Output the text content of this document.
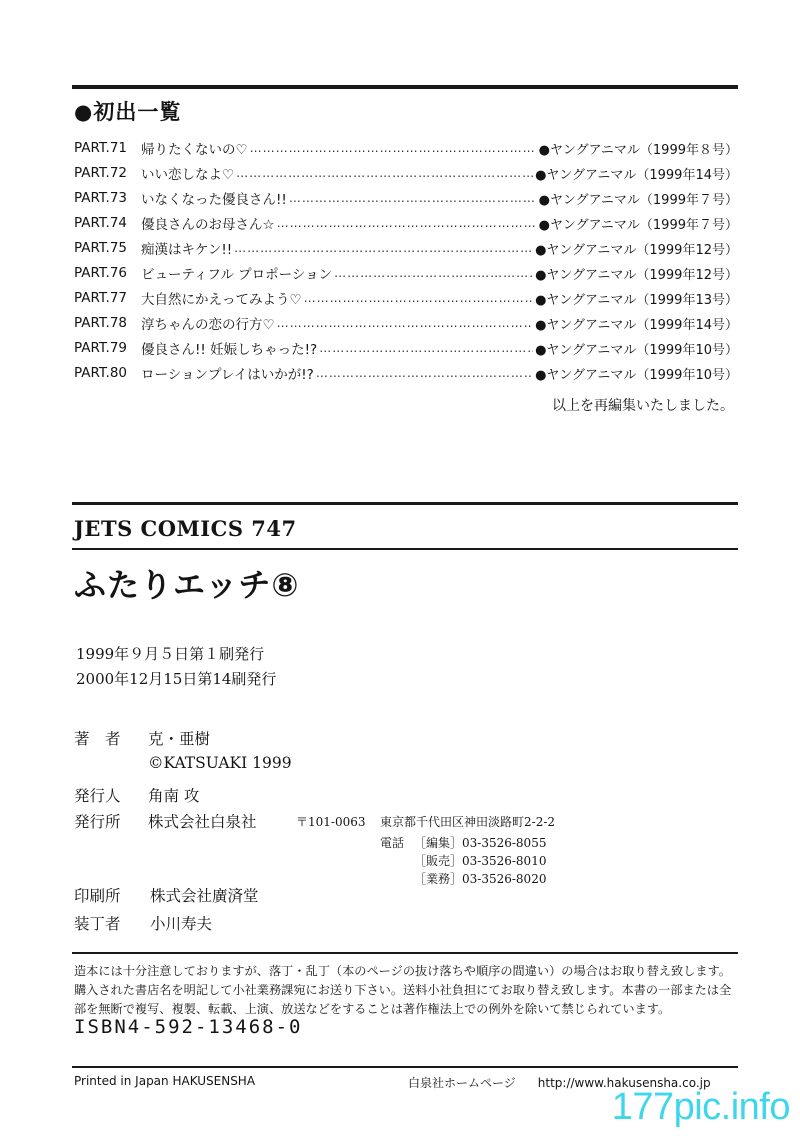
●初出一覧
PART.71	帰りたくないの♡ …………………………………………………………………………………………………………………………………………………	●ヤングアニマル（1999年８号）
PART.72	いい恋しなよ♡ …………………………………………………………………………………………………………………………………………………	●ヤングアニマル（1999年14号）
PART.73	いなくなった優良さん!! …………………………………………………………………………………………………………………………………………………	●ヤングアニマル（1999年７号）
PART.74	優良さんのお母さん☆ …………………………………………………………………………………………………………………………………………………	●ヤングアニマル（1999年７号）
PART.75	痴漢はキケン!! …………………………………………………………………………………………………………………………………………………	●ヤングアニマル（1999年12号）
PART.76	ビューティフル プロポーション …………………………………………………………………………………………………………………………………………………	●ヤングアニマル（1999年12号）
PART.77	大自然にかえってみよう♡ …………………………………………………………………………………………………………………………………………………	●ヤングアニマル（1999年13号）
PART.78	淳ちゃんの恋の行方♡ …………………………………………………………………………………………………………………………………………………	●ヤングアニマル（1999年14号）
PART.79	優良さん!! 妊娠しちゃった!? …………………………………………………………………………………………………………………………………………………	●ヤングアニマル（1999年10号）
PART.80	ローションプレイはいかが!? …………………………………………………………………………………………………………………………………………………	●ヤングアニマル（1999年10号）
以上を再編集いたしました。
JETS COMICS 747
ふたりエッチ⑧
1999年９月５日第１刷発行
2000年12月15日第14刷発行
著　者 克・亜樹
©KATSUAKI 1999
発行人 角南 攻
発行所 株式会社白泉社	〒101-0063 東京都千代田区神田淡路町2-2-2
電話 ［編集］03-3526-8055
［販売］03-3526-8010
［業務］03-3526-8020
印刷所 株式会社廣済堂
装丁者 小川寿夫
造本には十分注意しておりますが、落丁・乱丁（本のページの抜け落ちや順序の間違い）の場合はお取り替え致します。購入された書店名を明記して小社業務課宛にお送り下さい。送料小社負担にてお取り替え致します。本書の一部または全部を無断で複写、複製、転載、上演、放送などをすることは著作権法上での例外を除いて禁じられています。
ISBN4-592-13468-0
Printed in Japan HAKUSENSHA	白泉社ホームページ http://www.hakusensha.co.jp
177pic.info
